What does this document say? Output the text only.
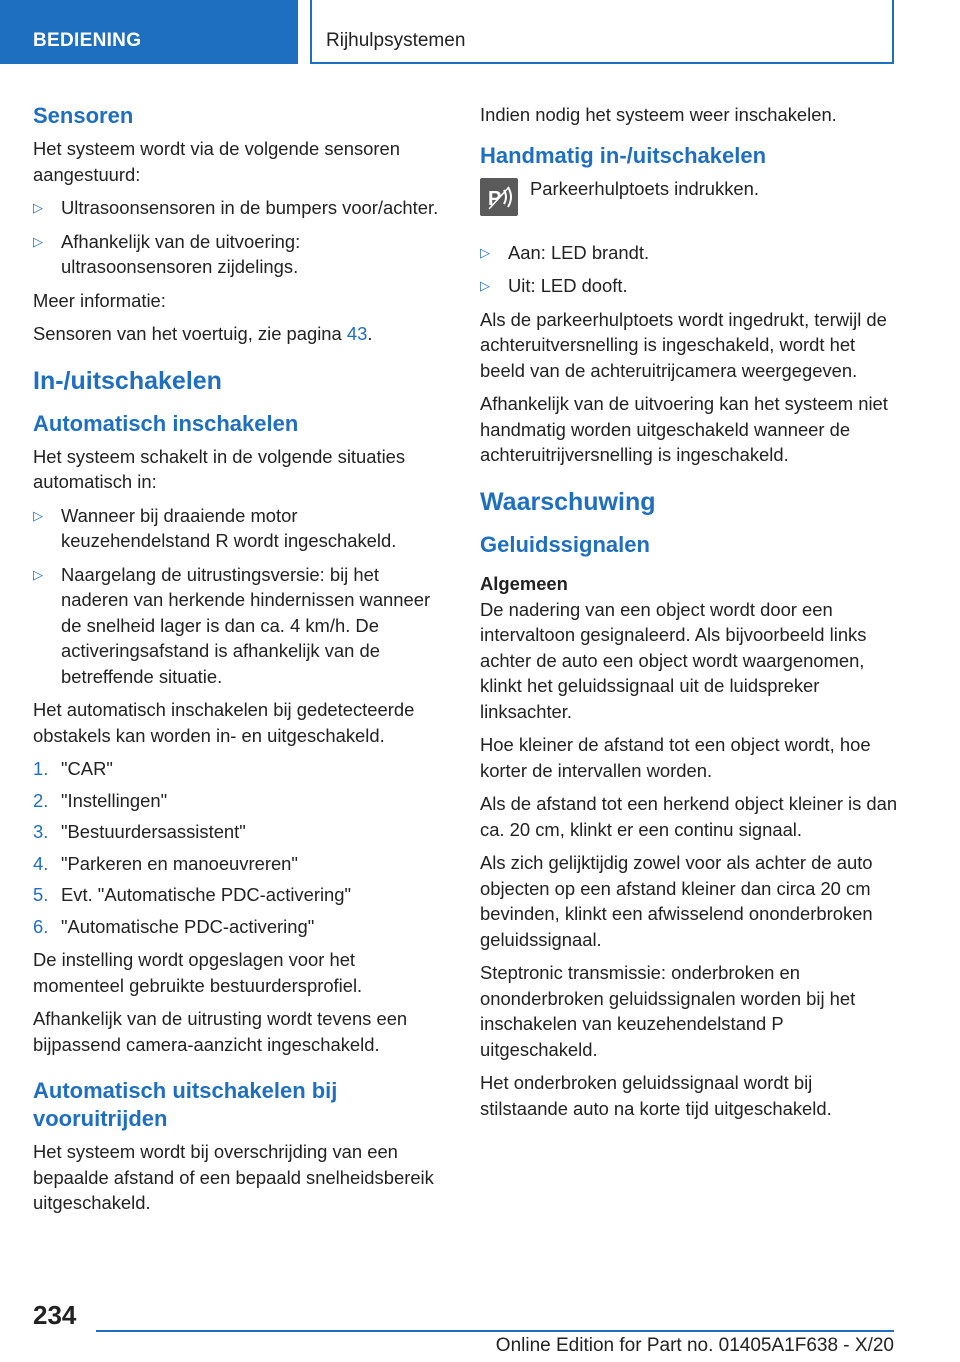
BEDIENING	Rijhulpsystemen
Sensoren

Het systeem wordt via de volgende sensoren aangestuurd:

▷ Ultrasoonsensoren in de bumpers voor/achter.
▷ Afhankelijk van de uitvoering: ultrasoonsensoren zijdelings.

Meer informatie:

Sensoren van het voertuig, zie pagina 43.

In-/uitschakelen
Automatisch inschakelen

Het systeem schakelt in de volgende situaties automatisch in:

▷ Wanneer bij draaiende motor keuzehendelstand R wordt ingeschakeld.
▷ Naargelang de uitrustingsversie: bij het naderen van herkende hindernissen wanneer de snelheid lager is dan ca. 4 km/h. De activeringsafstand is afhankelijk van de betreffende situatie.

Het automatisch inschakelen bij gedetecteerde obstakels kan worden in- en uitgeschakeld.

1. "CAR"
2. "Instellingen"
3. "Bestuurdersassistent"
4. "Parkeren en manoeuvreren"
5. Evt. "Automatische PDC-activering"
6. "Automatische PDC-activering"

De instelling wordt opgeslagen voor het momenteel gebruikte bestuurdersprofiel.

Afhankelijk van de uitrusting wordt tevens een bijpassend camera-aanzicht ingeschakeld.

Automatisch uitschakelen bij vooruitrijden

Het systeem wordt bij overschrijding van een bepaalde afstand of een bepaald snelheidsbereik uitgeschakeld.

Indien nodig het systeem weer inschakelen.

Handmatig in-/uitschakelen
P Parkeerhulptoets indrukken.

▷ Aan: LED brandt.
▷ Uit: LED dooft.

Als de parkeerhulptoets wordt ingedrukt, terwijl de achteruitversnelling is ingeschakeld, wordt het beeld van de achteruitrijcamera weergegeven.

Afhankelijk van de uitvoering kan het systeem niet handmatig worden uitgeschakeld wanneer de achteruitrijversnelling is ingeschakeld.

Waarschuwing
Geluidssignalen
Algemeen

De nadering van een object wordt door een intervaltoon gesignaleerd. Als bijvoorbeeld links achter de auto een object wordt waargenomen, klinkt het geluidssignaal uit de luidspreker linksachter.

Hoe kleiner de afstand tot een object wordt, hoe korter de intervallen worden.

Als de afstand tot een herkend object kleiner is dan ca. 20 cm, klinkt er een continu signaal.

Als zich gelijktijdig zowel voor als achter de auto objecten op een afstand kleiner dan circa 20 cm bevinden, klinkt een afwisselend ononderbroken geluidssignaal.

Steptronic transmissie: onderbroken en ononderbroken geluidssignalen worden bij het inschakelen van keuzehendelstand P uitgeschakeld.

Het onderbroken geluidssignaal wordt bij stilstaande auto na korte tijd uitgeschakeld.

234
Online Edition for Part no. 01405A1F638 - X/20
